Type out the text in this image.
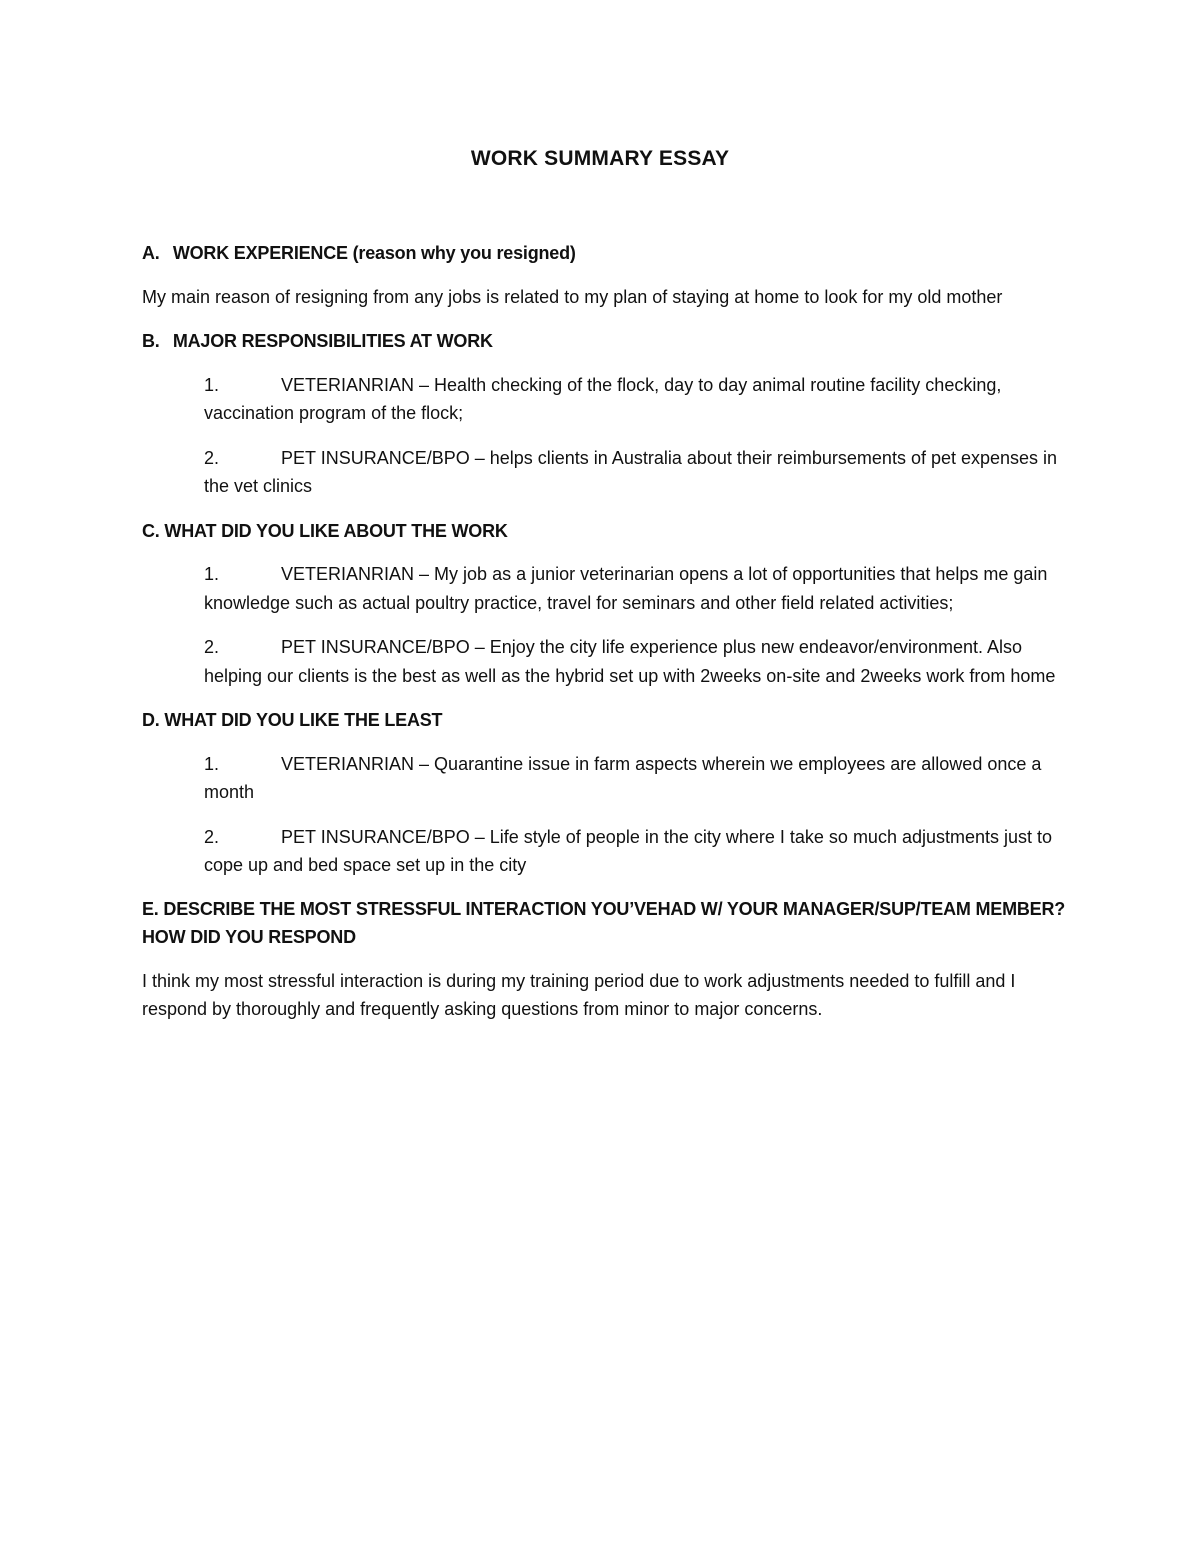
WORK SUMMARY ESSAY

A. WORK EXPERIENCE (reason why you resigned)

My main reason of resigning from any jobs is related to my plan of staying at home to look for my old mother

B. MAJOR RESPONSIBILITIES AT WORK

1.	VETERIANRIAN – Health checking of the flock, day to day animal routine facility checking, vaccination program of the flock;

2.	PET INSURANCE/BPO – helps clients in Australia about their reimbursements of pet expenses in the vet clinics

C. WHAT DID YOU LIKE ABOUT THE WORK

1.	VETERIANRIAN – My job as a junior veterinarian opens a lot of opportunities that helps me gain knowledge such as actual poultry practice, travel for seminars and other field related activities;

2.	PET INSURANCE/BPO – Enjoy the city life experience plus new endeavor/environment. Also helping our clients is the best as well as the hybrid set up with 2weeks on-site and 2weeks work from home

D. WHAT DID YOU LIKE THE LEAST

1.	VETERIANRIAN – Quarantine issue in farm aspects wherein we employees are allowed once a month

2.	PET INSURANCE/BPO – Life style of people in the city where I take so much adjustments just to cope up and bed space set up in the city

E. DESCRIBE THE MOST STRESSFUL INTERACTION YOU’VEHAD W/ YOUR MANAGER/SUP/TEAM MEMBER? HOW DID YOU RESPOND

I think my most stressful interaction is during my training period due to work adjustments needed to fulfill and I respond by thoroughly and frequently asking questions from minor to major concerns.
